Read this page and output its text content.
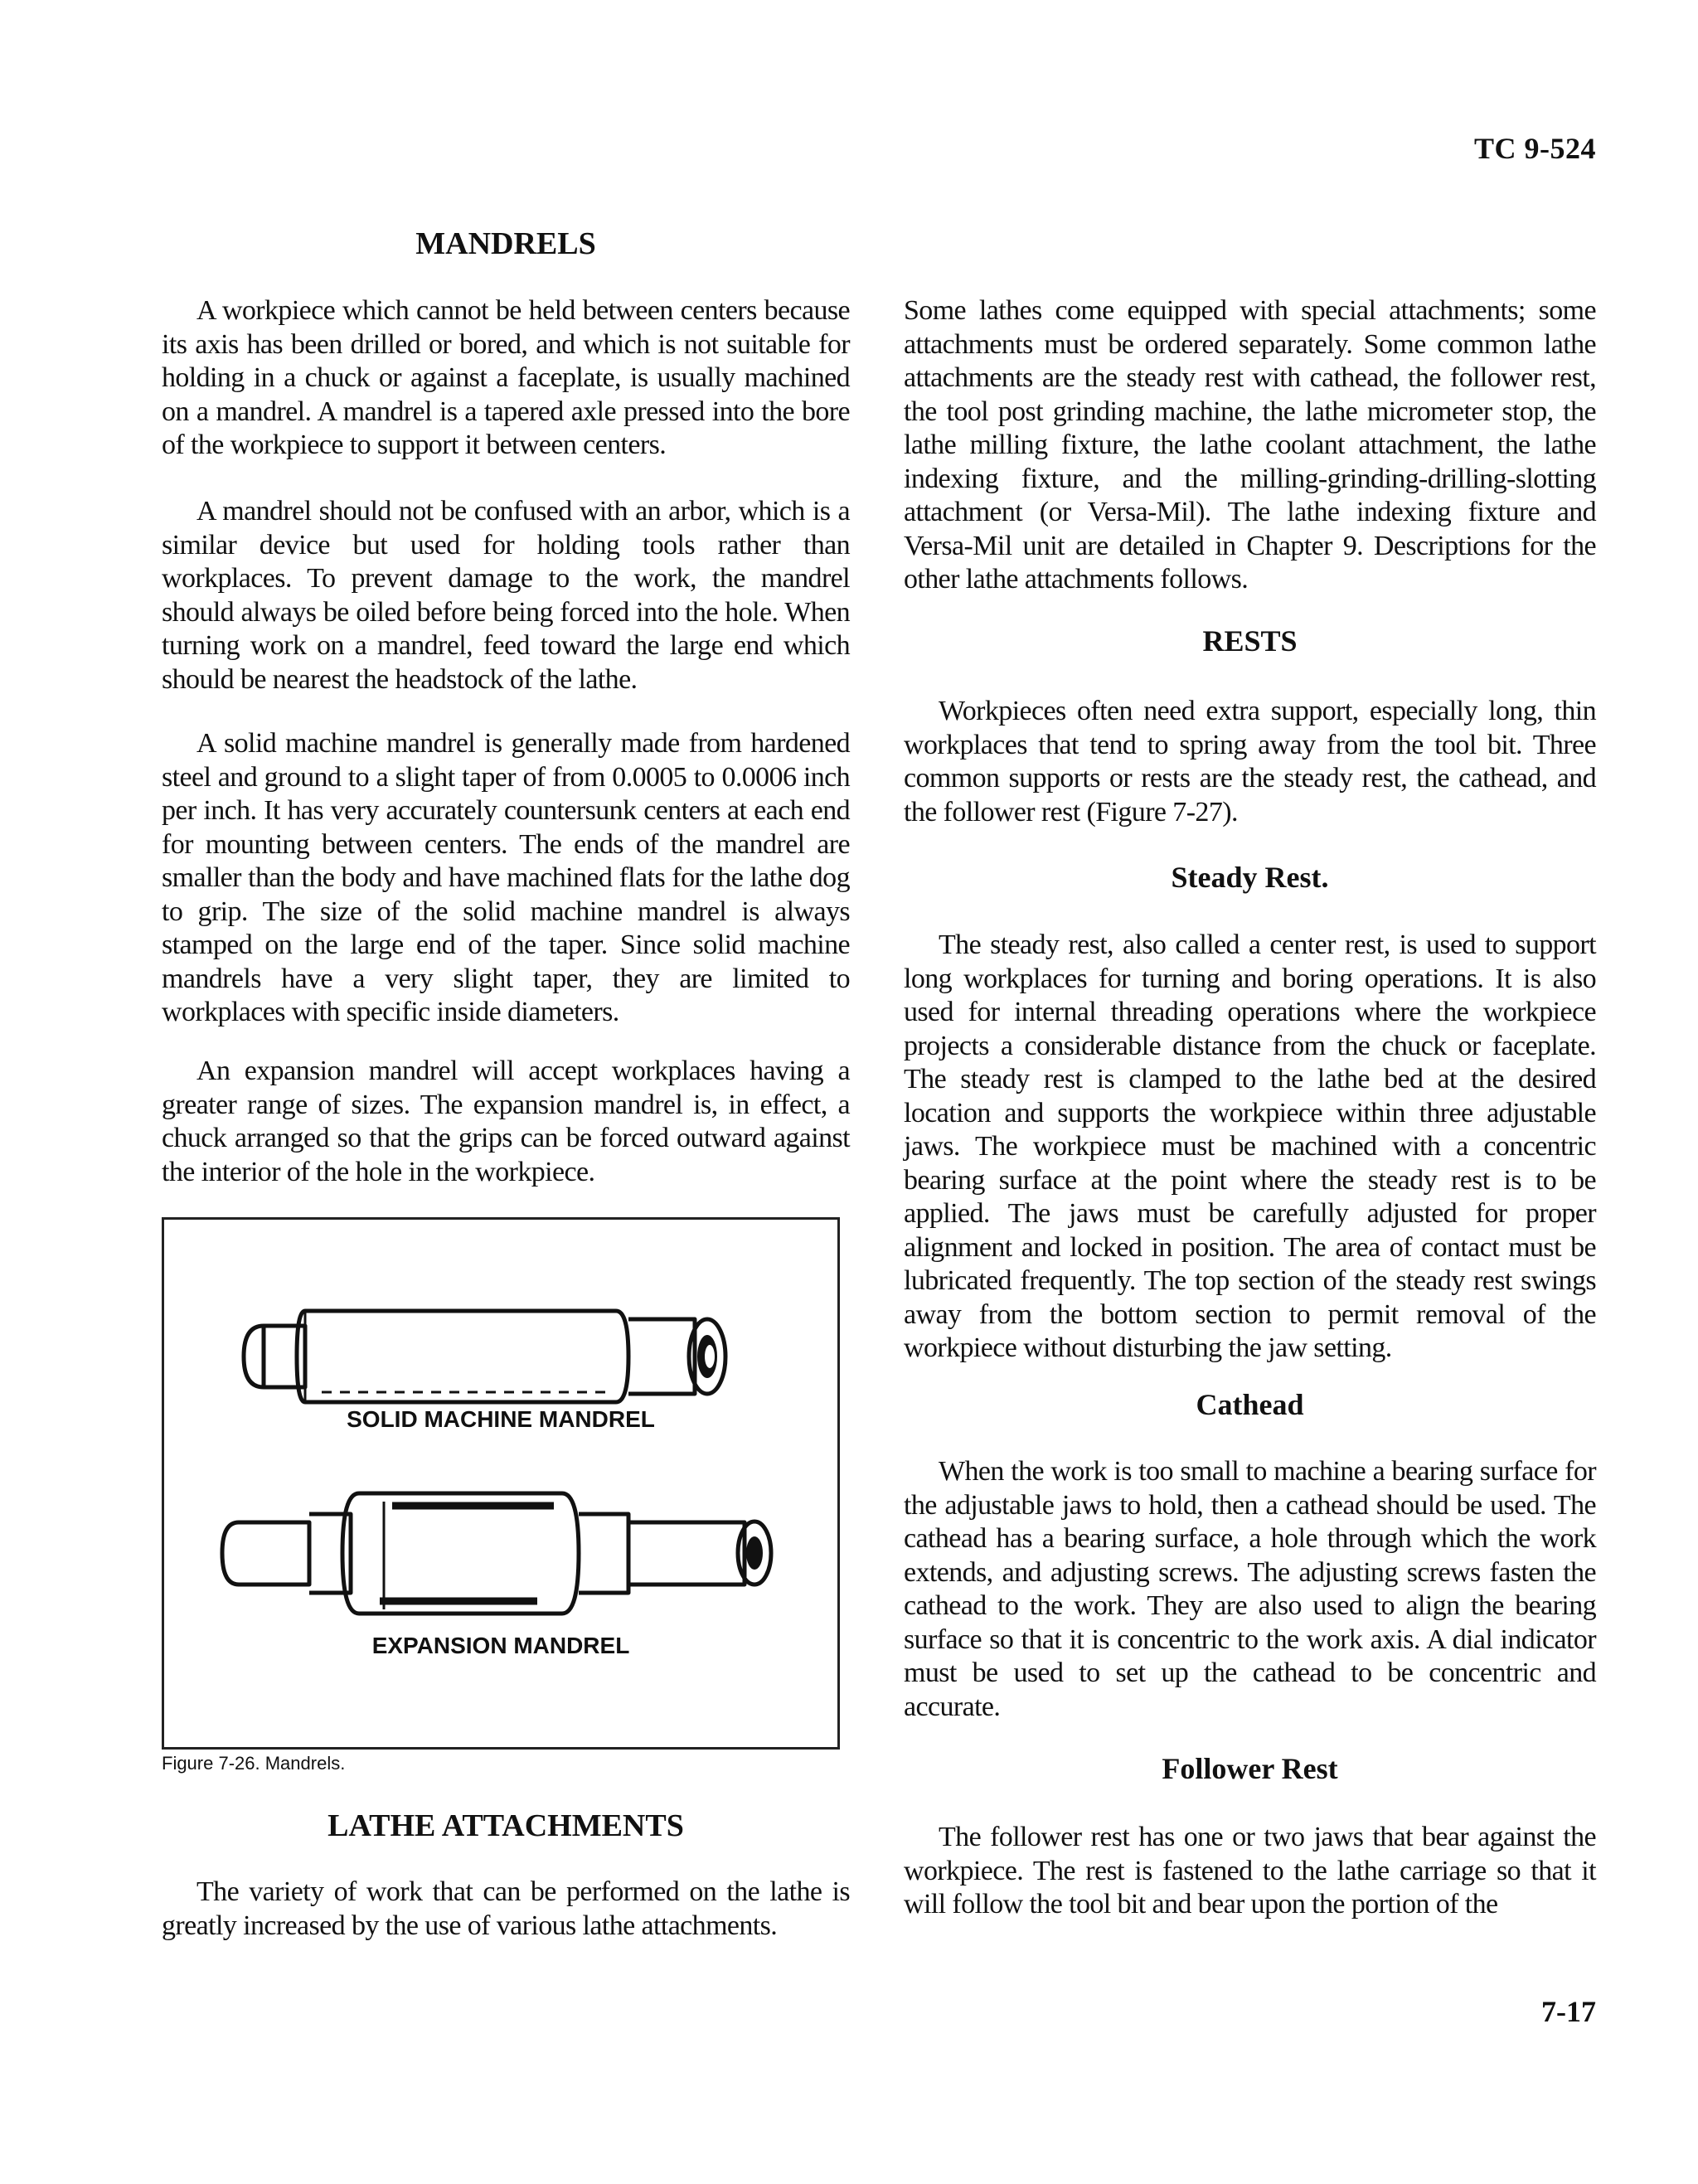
TC 9-524
MANDRELS

A workpiece which cannot be held between centers because its axis has been drilled or bored, and which is not suitable for holding in a chuck or against a faceplate, is usually machined on a mandrel. A mandrel is a tapered axle pressed into the bore of the workpiece to support it between centers.

A mandrel should not be confused with an arbor, which is a similar device but used for holding tools rather than workplaces. To prevent damage to the work, the mandrel should always be oiled before being forced into the hole. When turning work on a mandrel, feed toward the large end which should be nearest the headstock of the lathe.

A solid machine mandrel is generally made from hardened steel and ground to a slight taper of from 0.0005 to 0.0006 inch per inch. It has very accurately countersunk centers at each end for mounting between centers. The ends of the mandrel are smaller than the body and have machined flats for the lathe dog to grip. The size of the solid machine mandrel is always stamped on the large end of the taper. Since solid machine mandrels have a very slight taper, they are limited to workplaces with specific inside diameters.

An expansion mandrel will accept workplaces having a greater range of sizes. The expansion mandrel is, in effect, a chuck arranged so that the grips can be forced outward against the interior of the hole in the workpiece.

SOLID MACHINE MANDREL
EXPANSION MANDREL
Figure 7-26. Mandrels.
LATHE ATTACHMENTS

The variety of work that can be performed on the lathe is greatly increased by the use of various lathe attachments.

Some lathes come equipped with special attachments; some attachments must be ordered separately. Some common lathe attachments are the steady rest with cathead, the follower rest, the tool post grinding machine, the lathe micrometer stop, the lathe milling fixture, the lathe coolant attachment, the lathe indexing fixture, and the milling-grinding-drilling-slotting attachment (or Versa-Mil). The lathe indexing fixture and Versa-Mil unit are detailed in Chapter 9. Descriptions for the other lathe attachments follows.

RESTS

Workpieces often need extra support, especially long, thin workplaces that tend to spring away from the tool bit. Three common supports or rests are the steady rest, the cathead, and the follower rest (Figure 7-27).

Steady Rest.

The steady rest, also called a center rest, is used to support long workplaces for turning and boring operations. It is also used for internal threading operations where the workpiece projects a considerable distance from the chuck or faceplate. The steady rest is clamped to the lathe bed at the desired location and supports the workpiece within three adjustable jaws. The workpiece must be machined with a concentric bearing surface at the point where the steady rest is to be applied. The jaws must be carefully adjusted for proper alignment and locked in position. The area of contact must be lubricated frequently. The top section of the steady rest swings away from the bottom section to permit removal of the workpiece without disturbing the jaw setting.

Cathead

When the work is too small to machine a bearing surface for the adjustable jaws to hold, then a cathead should be used. The cathead has a bearing surface, a hole through which the work extends, and adjusting screws. The adjusting screws fasten the cathead to the work. They are also used to align the bearing surface so that it is concentric to the work axis. A dial indicator must be used to set up the cathead to be concentric and accurate.

Follower Rest

The follower rest has one or two jaws that bear against the workpiece. The rest is fastened to the lathe carriage so that it will follow the tool bit and bear upon the portion of the

7-17
